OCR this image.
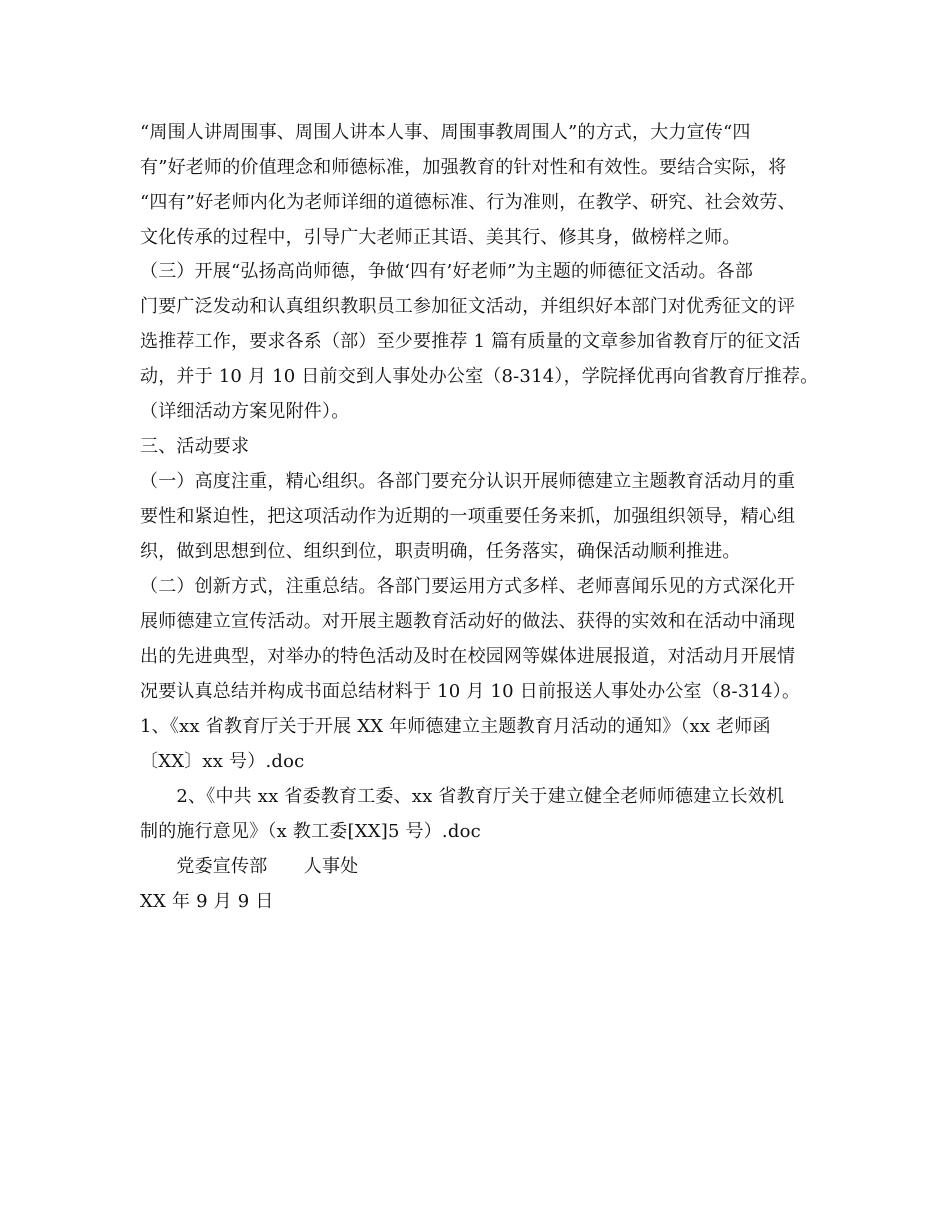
“周围人讲周围事、周围人讲本人事、周围事教周围人”的方式，大力宣传“四
有”好老师的价值理念和师德标准，加强教育的针对性和有效性。要结合实际，将
“四有”好老师内化为老师详细的道德标准、行为准则，在教学、研究、社会效劳、
文化传承的过程中，引导广大老师正其语、美其行、修其身，做榜样之师。
（三）开展“弘扬高尚师德，争做‘四有’好老师”为主题的师德征文活动。各部
门要广泛发动和认真组织教职员工参加征文活动，并组织好本部门对优秀征文的评
选推荐工作，要求各系（部）至少要推荐 1 篇有质量的文章参加省教育厅的征文活
动，并于 10 月 10 日前交到人事处办公室（8-314），学院择优再向省教育厅推荐。
（详细活动方案见附件）。
三、活动要求
（一）高度注重，精心组织。各部门要充分认识开展师德建立主题教育活动月的重
要性和紧迫性，把这项活动作为近期的一项重要任务来抓，加强组织领导，精心组
织，做到思想到位、组织到位，职责明确，任务落实，确保活动顺利推进。
（二）创新方式，注重总结。各部门要运用方式多样、老师喜闻乐见的方式深化开
展师德建立宣传活动。对开展主题教育活动好的做法、获得的实效和在活动中涌现
出的先进典型，对举办的特色活动及时在校园网等媒体进展报道，对活动月开展情
况要认真总结并构成书面总结材料于 10 月 10 日前报送人事处办公室（8-314）。
1、《xx 省教育厅关于开展 XX 年师德建立主题教育月活动的通知》（xx 老师函
〔XX〕xx 号）.doc
　　2、《中共 xx 省委教育工委、xx 省教育厅关于建立健全老师师德建立长效机
制的施行意见》（x 教工委[XX]5 号）.doc
　　党委宣传部　　人事处
XX 年 9 月 9 日
